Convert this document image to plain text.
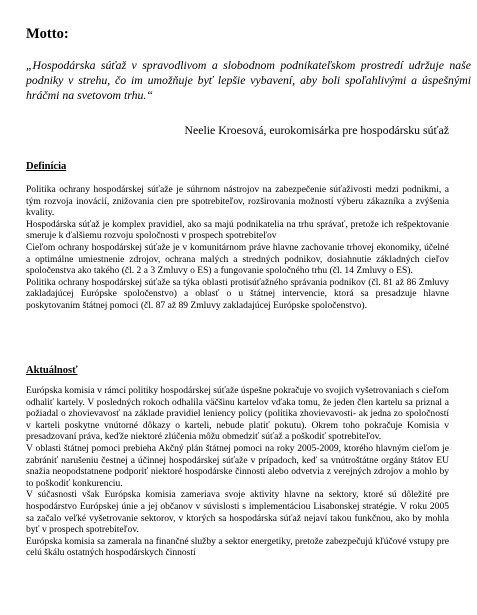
Motto:
„Hospodárska súťaž v spravodlivom a slobodnom podnikateľskom prostredí udržuje naše podniky v strehu, čo im umožňuje byť lepšie vybavení, aby boli spoľahlivými a úspešnými hráčmi na svetovom trhu.“
Neelie Kroesová, eurokomisárka pre hospodársku súťaž
Definícia

Politika ochrany hospodárskej súťaže je súhrnom nástrojov na zabezpečenie súťaživosti medzi podnikmi, a tým rozvoja inovácií, znižovania cien pre spotrebiteľov, rozširovania možností výberu zákazníka a zvýšenia kvality.

Hospodárska súťaž je komplex pravidiel, ako sa majú podnikatelia na trhu správať, pretože ich rešpektovanie smeruje k ďalšiemu rozvoju spoločnosti v prospech spotrebiteľov

Cieľom ochrany hospodárskej súťaže je v komunitárnom práve hlavne zachovanie trhovej ekonomiky, účelné a optimálne umiestnenie zdrojov, ochrana malých a stredných podnikov, dosiahnutie základných cieľov spoločenstva ako takého (čl. 2 a 3 Zmluvy o ES) a fungovanie spoločného trhu (čl. 14 Zmluvy o ES).

Politika ochrany hospodárskej súťaže sa týka oblasti protisúťažného správania podnikov (čl. 81 až 86 Zmluvy zakladajúcej Európske spoločenstvo) a oblasť o u štátnej intervencie, ktorá sa presadzuje hlavne poskytovaním štátnej pomoci (čl. 87 až 89 Zmluvy zakladajúcej Európske spoločenstvo).

Aktuálnosť

Európska komisia v rámci politiky hospodárskej súťaže úspešne pokračuje vo svojich vyšetrovaniach s cieľom odhaliť kartely. V posledných rokoch odhalila väčšinu kartelov vďaka tomu, že jeden člen kartelu sa priznal a požiadal o zhovievavosť na základe pravidiel leniency policy (politika zhovievavosti- ak jedna zo spoločností v karteli poskytne vnútorné dôkazy o karteli, nebude platiť pokutu). Okrem toho pokračuje Komisia v presadzovaní práva, keďže niektoré zlúčenia môžu obmedziť súťaž a poškodiť spotrebiteľov.

V oblasti štátnej pomoci prebieha Akčný plán štátnej pomoci na roky 2005-2009, ktorého hlavným cieľom je zabrániť narušeniu čestnej a účinnej hospodárskej súťaže v prípadoch, keď sa vnútroštátne orgány štátov EU snažia neopodstatnene podporiť niektoré hospodárske činnosti alebo odvetvia z verejných zdrojov a mohlo by to poškodiť konkurenciu.

V súčasnosti však Európska komisia zameriava svoje aktivity hlavne na sektory, ktoré sú dôležité pre hospodárstvo Európskej únie a jej občanov v súvislosti s implementáciou Lisabonskej stratégie. V roku 2005 sa začalo veľké vyšetrovanie sektorov, v ktorých sa hospodárska súťaž nejaví takou funkčnou, ako by mohla byť v prospech spotrebiteľov.

Európska komisia sa zamerala na finančné služby a sektor energetiky, pretože zabezpečujú kľúčové vstupy pre celú škálu ostatných hospodárskych činností
